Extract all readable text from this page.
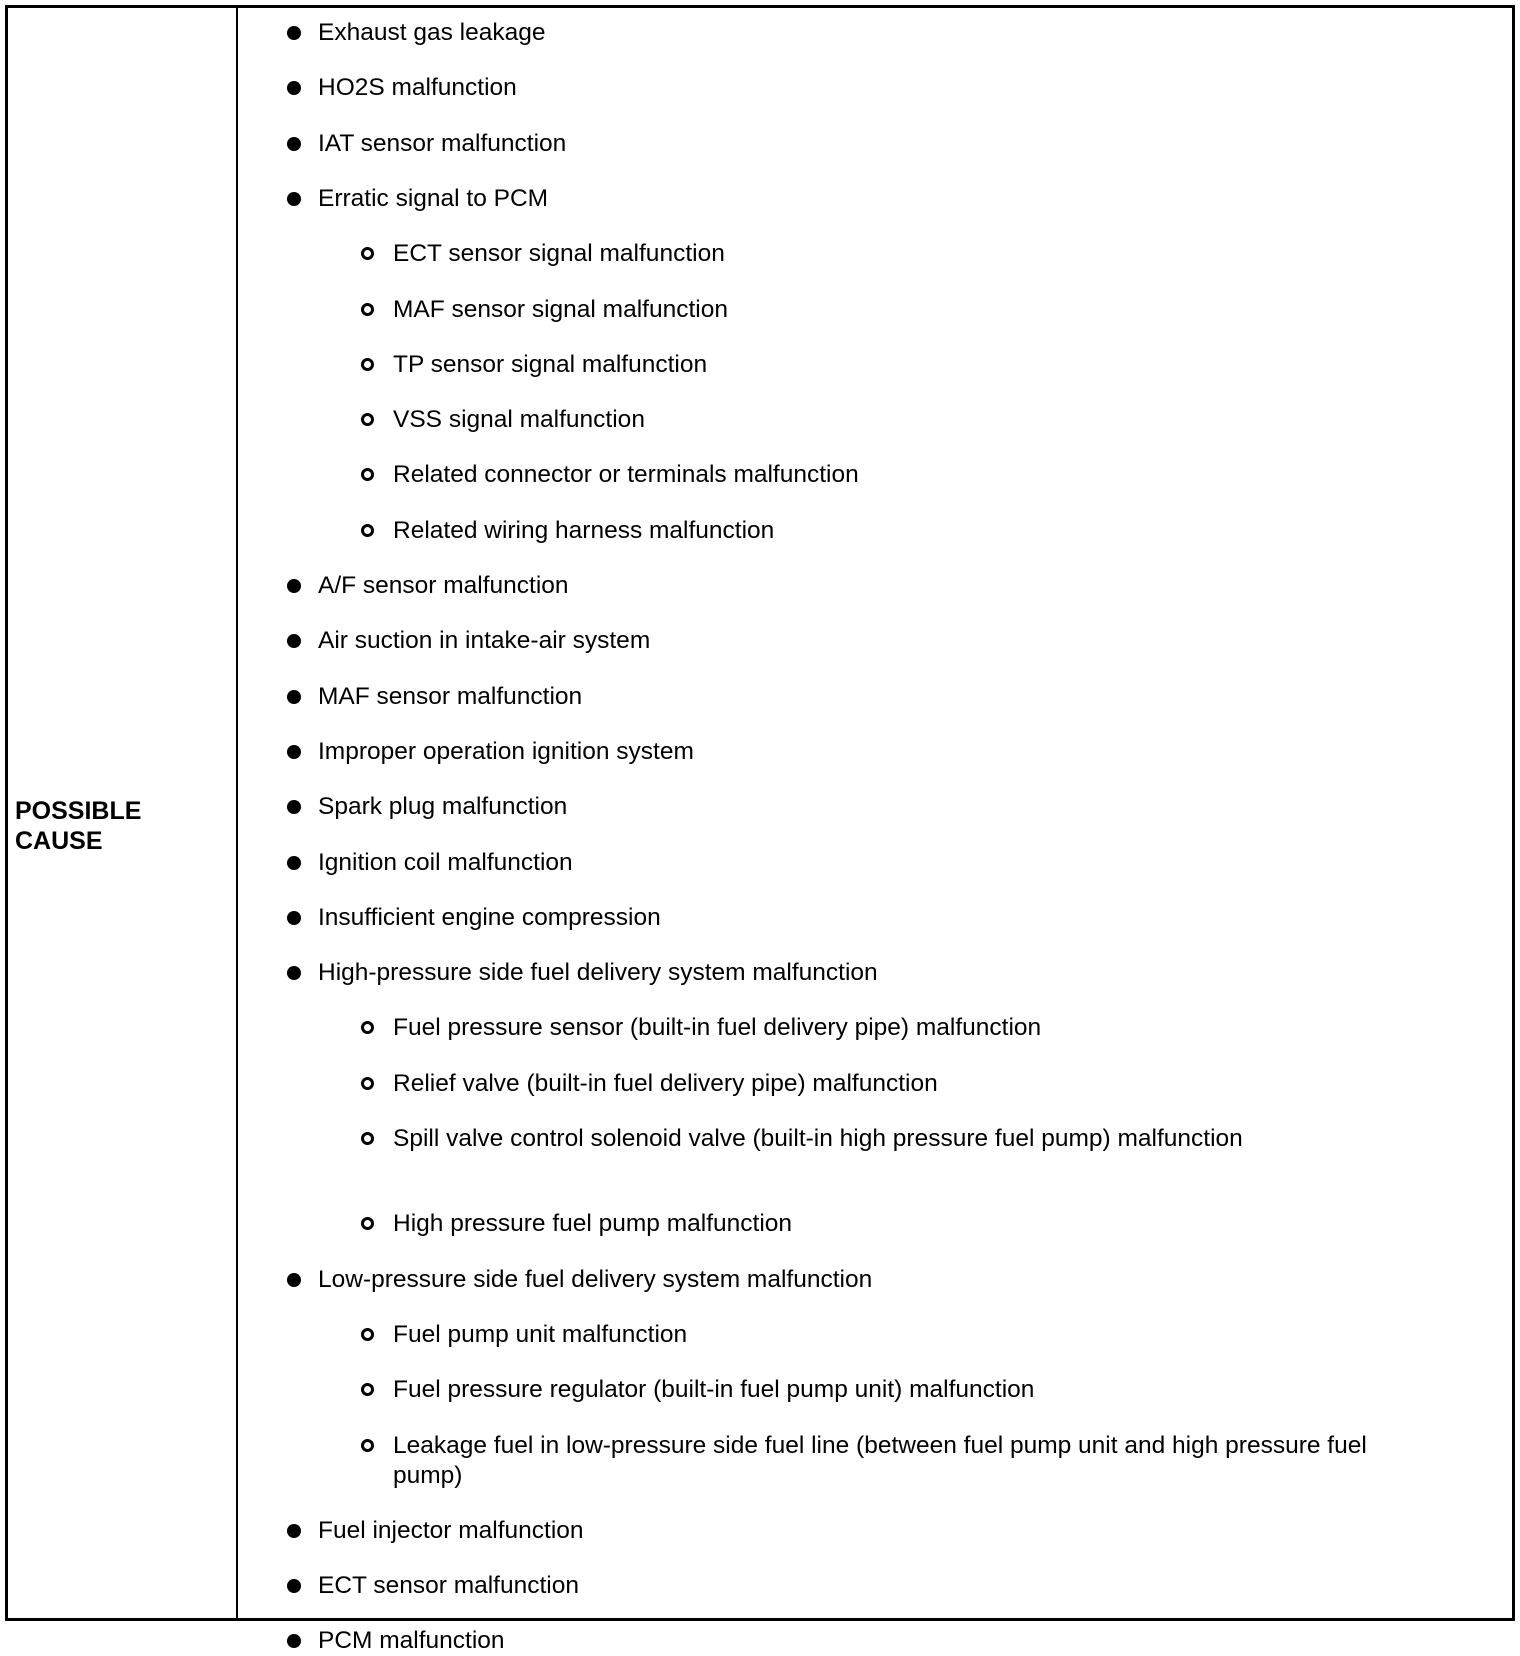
POSSIBLE
CAUSE
Exhaust gas leakage
HO2S malfunction
IAT sensor malfunction
Erratic signal to PCM
ECT sensor signal malfunction
MAF sensor signal malfunction
TP sensor signal malfunction
VSS signal malfunction
Related connector or terminals malfunction
Related wiring harness malfunction
A/F sensor malfunction
Air suction in intake-air system
MAF sensor malfunction
Improper operation ignition system
Spark plug malfunction
Ignition coil malfunction
Insufficient engine compression
High-pressure side fuel delivery system malfunction
Fuel pressure sensor (built-in fuel delivery pipe) malfunction
Relief valve (built-in fuel delivery pipe) malfunction
Spill valve control solenoid valve (built-in high pressure fuel pump) malfunction
High pressure fuel pump malfunction
Low-pressure side fuel delivery system malfunction
Fuel pump unit malfunction
Fuel pressure regulator (built-in fuel pump unit) malfunction
Leakage fuel in low-pressure side fuel line (between fuel pump unit and high pressure fuel pump)
Fuel injector malfunction
ECT sensor malfunction
PCM malfunction
